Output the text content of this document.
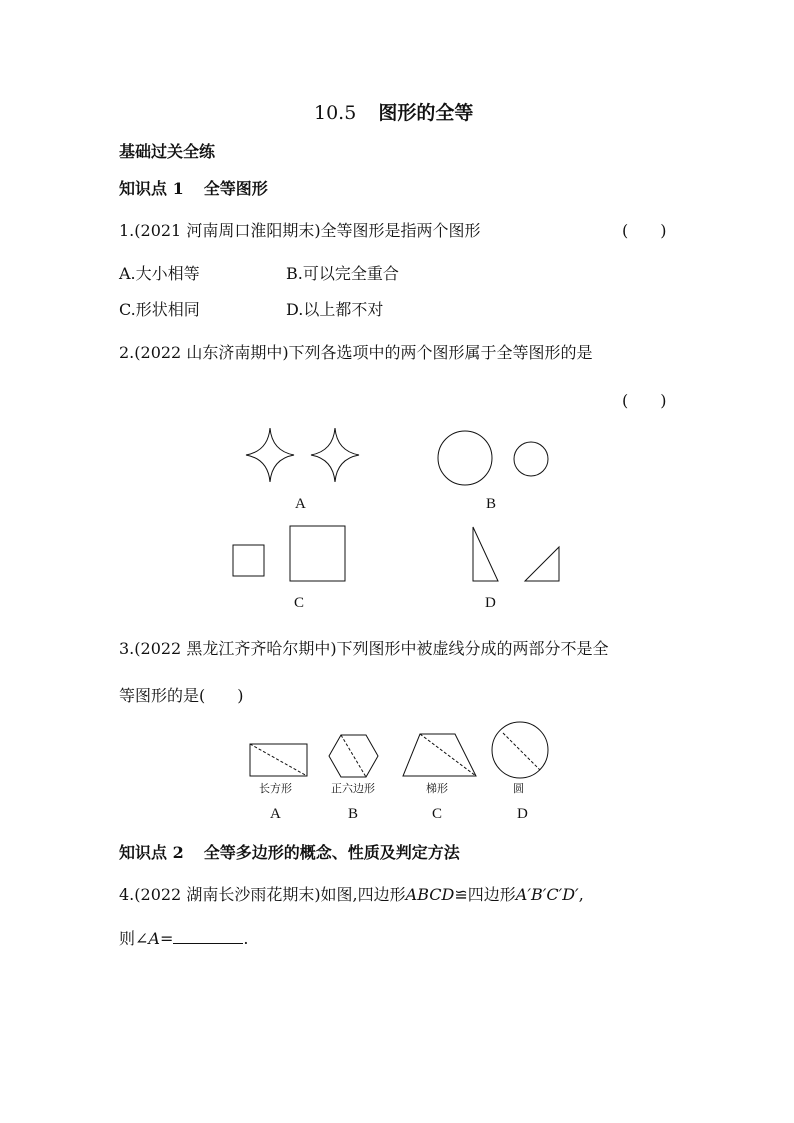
10.5 图形的全等
基础过关全练
知识点 1 全等图形
1.(2021 河南周口淮阳期末)全等图形是指两个图形	(　　)
A.大小相等	B.可以完全重合
C.形状相同	D.以上都不对
2.(2022 山东济南期中)下列各选项中的两个图形属于全等图形的是
(　　)
A	B
C	D
3.(2022 黑龙江齐齐哈尔期中)下列图形中被虚线分成的两部分不是全
等图形的是(　　)
长方形	正六边形	梯形	圆
A	B	C	D
知识点 2 全等多边形的概念、性质及判定方法
4.(2022 湖南长沙雨花期末)如图,四边形ABCD≌四边形A′B′C′D′,
则∠A=	.
